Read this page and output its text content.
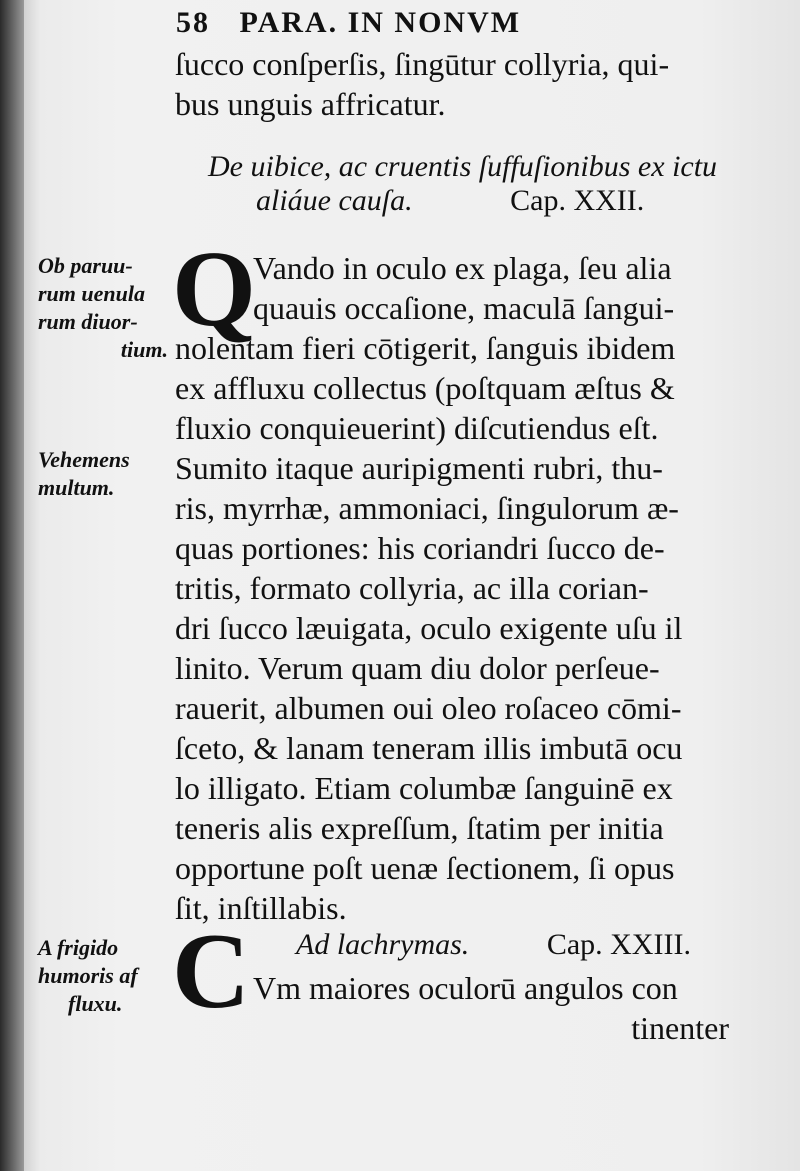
58 PARA. IN NONVM
ſucco conſperſis, ſingūtur collyria, qui-
bus unguis affricatur.
De uibice, ac cruentis ſuffuſionibus ex ictu
aliáue cauſa.	Cap. XXII.
Ob paruu-
rum uenula
rum diuor-

tium.
Vehemens
multum.
Q
Vando in oculo ex plaga, ſeu alia
quauis occaſione, maculā ſangui-
nolentam fieri cōtigerit, ſanguis ibidem
ex affluxu collectus (poſtquam æſtus &
fluxio conquieuerint) diſcutiendus eſt.
Sumito itaque auripigmenti rubri, thu-
ris, myrrhæ, ammoniaci, ſingulorum æ-
quas portiones: his coriandri ſucco de-
tritis, formato collyria, ac illa corian-
dri ſucco læuigata, oculo exigente uſu il
linito. Verum quam diu dolor perſeue-
rauerit, albumen oui oleo roſaceo cōmi-
ſceto, & lanam teneram illis imbutā ocu
lo illigato. Etiam columbæ ſanguinē ex
teneris alis expreſſum, ſtatim per initia
opportune poſt uenæ ſectionem, ſi opus
ſit, inſtillabis.
A frigido
humoris af
fluxu. C Ad lachrymas.	Cap. XXIII.
Vm maiores oculorū angulos con
tinenter
